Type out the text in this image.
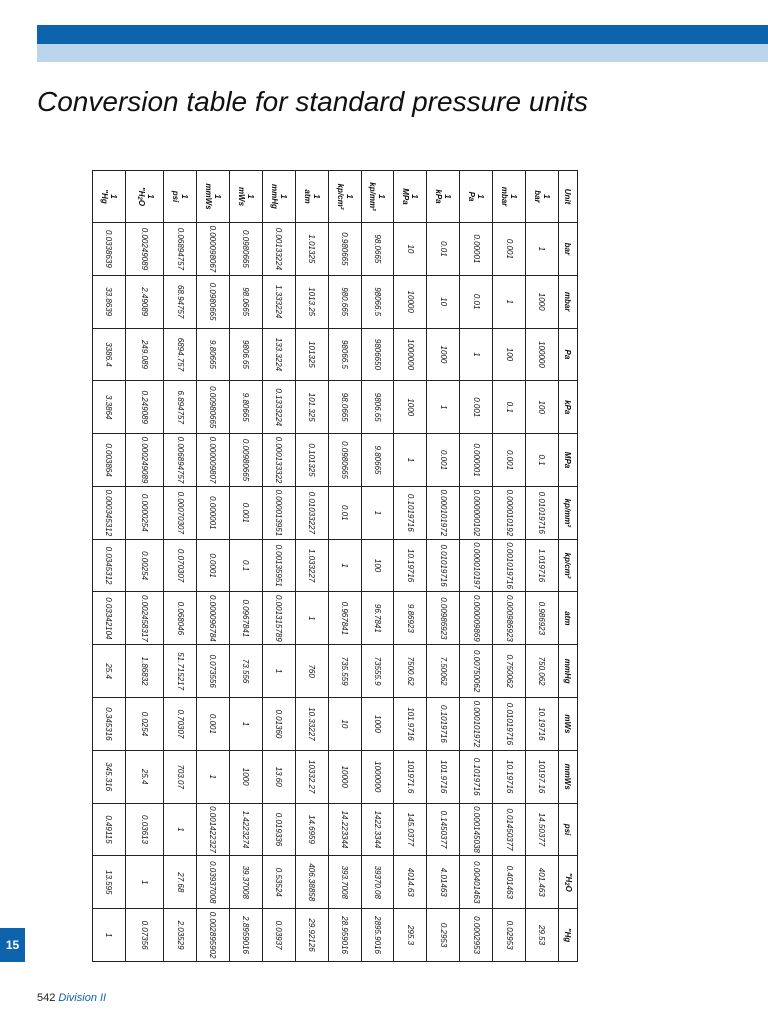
Conversion table for standard pressure units
Unit	bar	mbar	Pa	kPa	MPa	kp/mm²	kp/cm²	atm	mmHg	mWs	mmWs	psi	"H2O	"Hg

1
bar	1	1000	100000	100	0.1	0.01019716	1.019716	0.986923	750.062	10.19716	10197.16	14.50377	401.463	29.53

1
mbar	0.001	1	100	0.1	0.001	0.000010192	0.001019716	0.000986923	0.750062	0.01019716	10.19716	0.01450377	0.401463	0.02953

1
Pa	0.00001	0.01	1	0.001	0.000001	0.000000102	0.000010197	0.000009869	0.00750062	0.000101972	0.1019716	0.000145038	0.00401463	0.0002953

1
kPa	0.01	10	1000	1	0.001	0.000101972	0.01019716	0.00986923	7.50062	0.1019716	101.9716	0.1450377	4.01463	0.2953

1
MPa	10	10000	1000000	1000	1	0.1019716	10.19716	9.86923	7500.62	101.9716	101971.6	145.0377	4014.63	295.3

1
kp/mm²	98.0665	98066.5	9806650	9806.65	9.80665	1	100	96.7841	73555.9	1000	1000000	1422.3344	39370.08	2895.9016

1
kp/cm²	0.980665	980.665	98066.5	98.0665	0.0980665	0.01	1	0.967841	735.559	10	10000	14.223344	393.7008	28.959016

1
atm	1.01325	1013.25	101325	101.325	0.101325	0.01033227	1.033227	1	760	10.33227	10332.27	14.6959	406.38858	29.92126

1
mmHg	0.00133224	1.333224	133.3224	0.1333224	0.000133322	0.000013951	0.00135951	0.001315789	1	0.01360	13.60	0.019336	0.53524	0.03937

1
mWs	0.0980665	98.0665	9806.65	9.80665	0.00980665	0.001	0.1	0.0967841	73.556	1	1000	1.4223274	39.37008	2.8959016

1
mmWs	0.000098067	0.0980665	9.80665	0.00980665	0.000009807	0.000001	0.0001	0.000096784	0.073556	0.001	1	0.001422327	0.03937008	0.002895902

1
psi	0.06894757	68.94757	6894.757	6.894757	0.006894757	0.00070307	0.070307	0.068046	51.715217	0.70307	703.07	1	27.68	2.03529

1
"H2O	0.00249089	2.49089	249.089	0.249089	0.000249089	0.0000254	0.00254	0.002458317	1.86832	0.0254	25.4	0.03613	1	0.07356

1
"Hg	0.0338639	33.8639	3386.4	3.3864	0.003864	0.000345312	0.0345312	0.03342104	25.4	0.345316	345.316	0.49115	13.595	1
15
542 Division II
